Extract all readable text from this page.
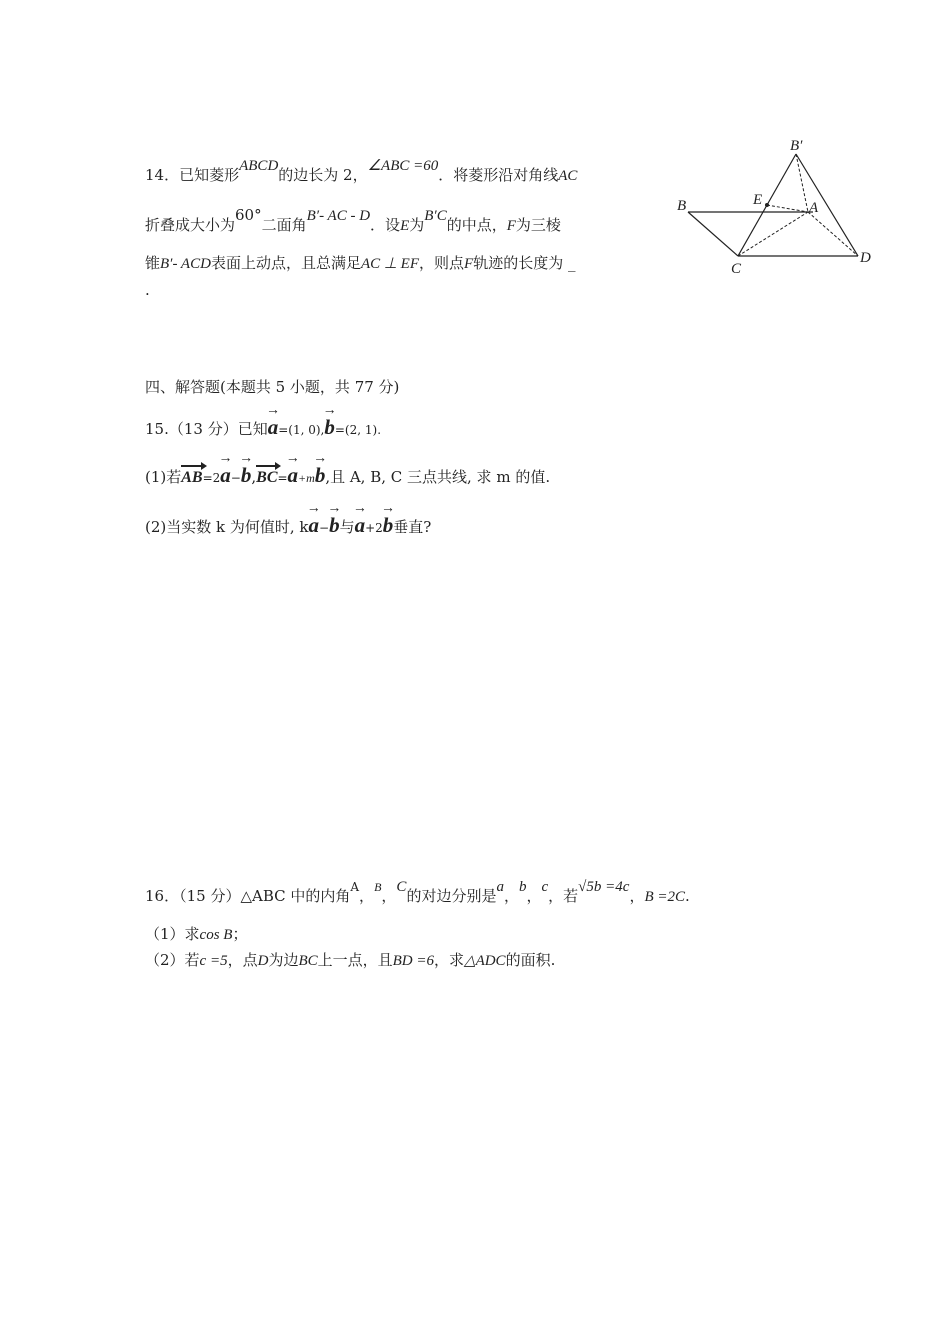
14．已知菱形ABCD的边长为 2，∠ABC =60．将菱形沿对角线AC
折叠成大小为60°二面角B′- AC - D．设E为B′C的中点，F为三棱
锥B′- ACD表面上动点，且总满足AC ⊥ EF，则点F轨迹的长度为 _
.
B′
B	E	A
C
D
四、解答题(本题共 5 小题，共 77 分)
15.（13 分）已知→ a=(1, 0),→ b=(2, 1).
(1)若AB=2→ a−→ b,BC=→ a+m→ b,且 A, B, C 三点共线, 求 m 的值.
(2)当实数 k 为何值时, k→ a−→ b与→ a+2→ b垂直?
16．（15 分）△ABC 中的内角$^A$，$^B$，C的对边分别是a，b，c，若√5b =4c，B =2C.
（1）求cos B；
（2）若c =5，点D为边BC上一点，且BD =6，求△ADC的面积.
